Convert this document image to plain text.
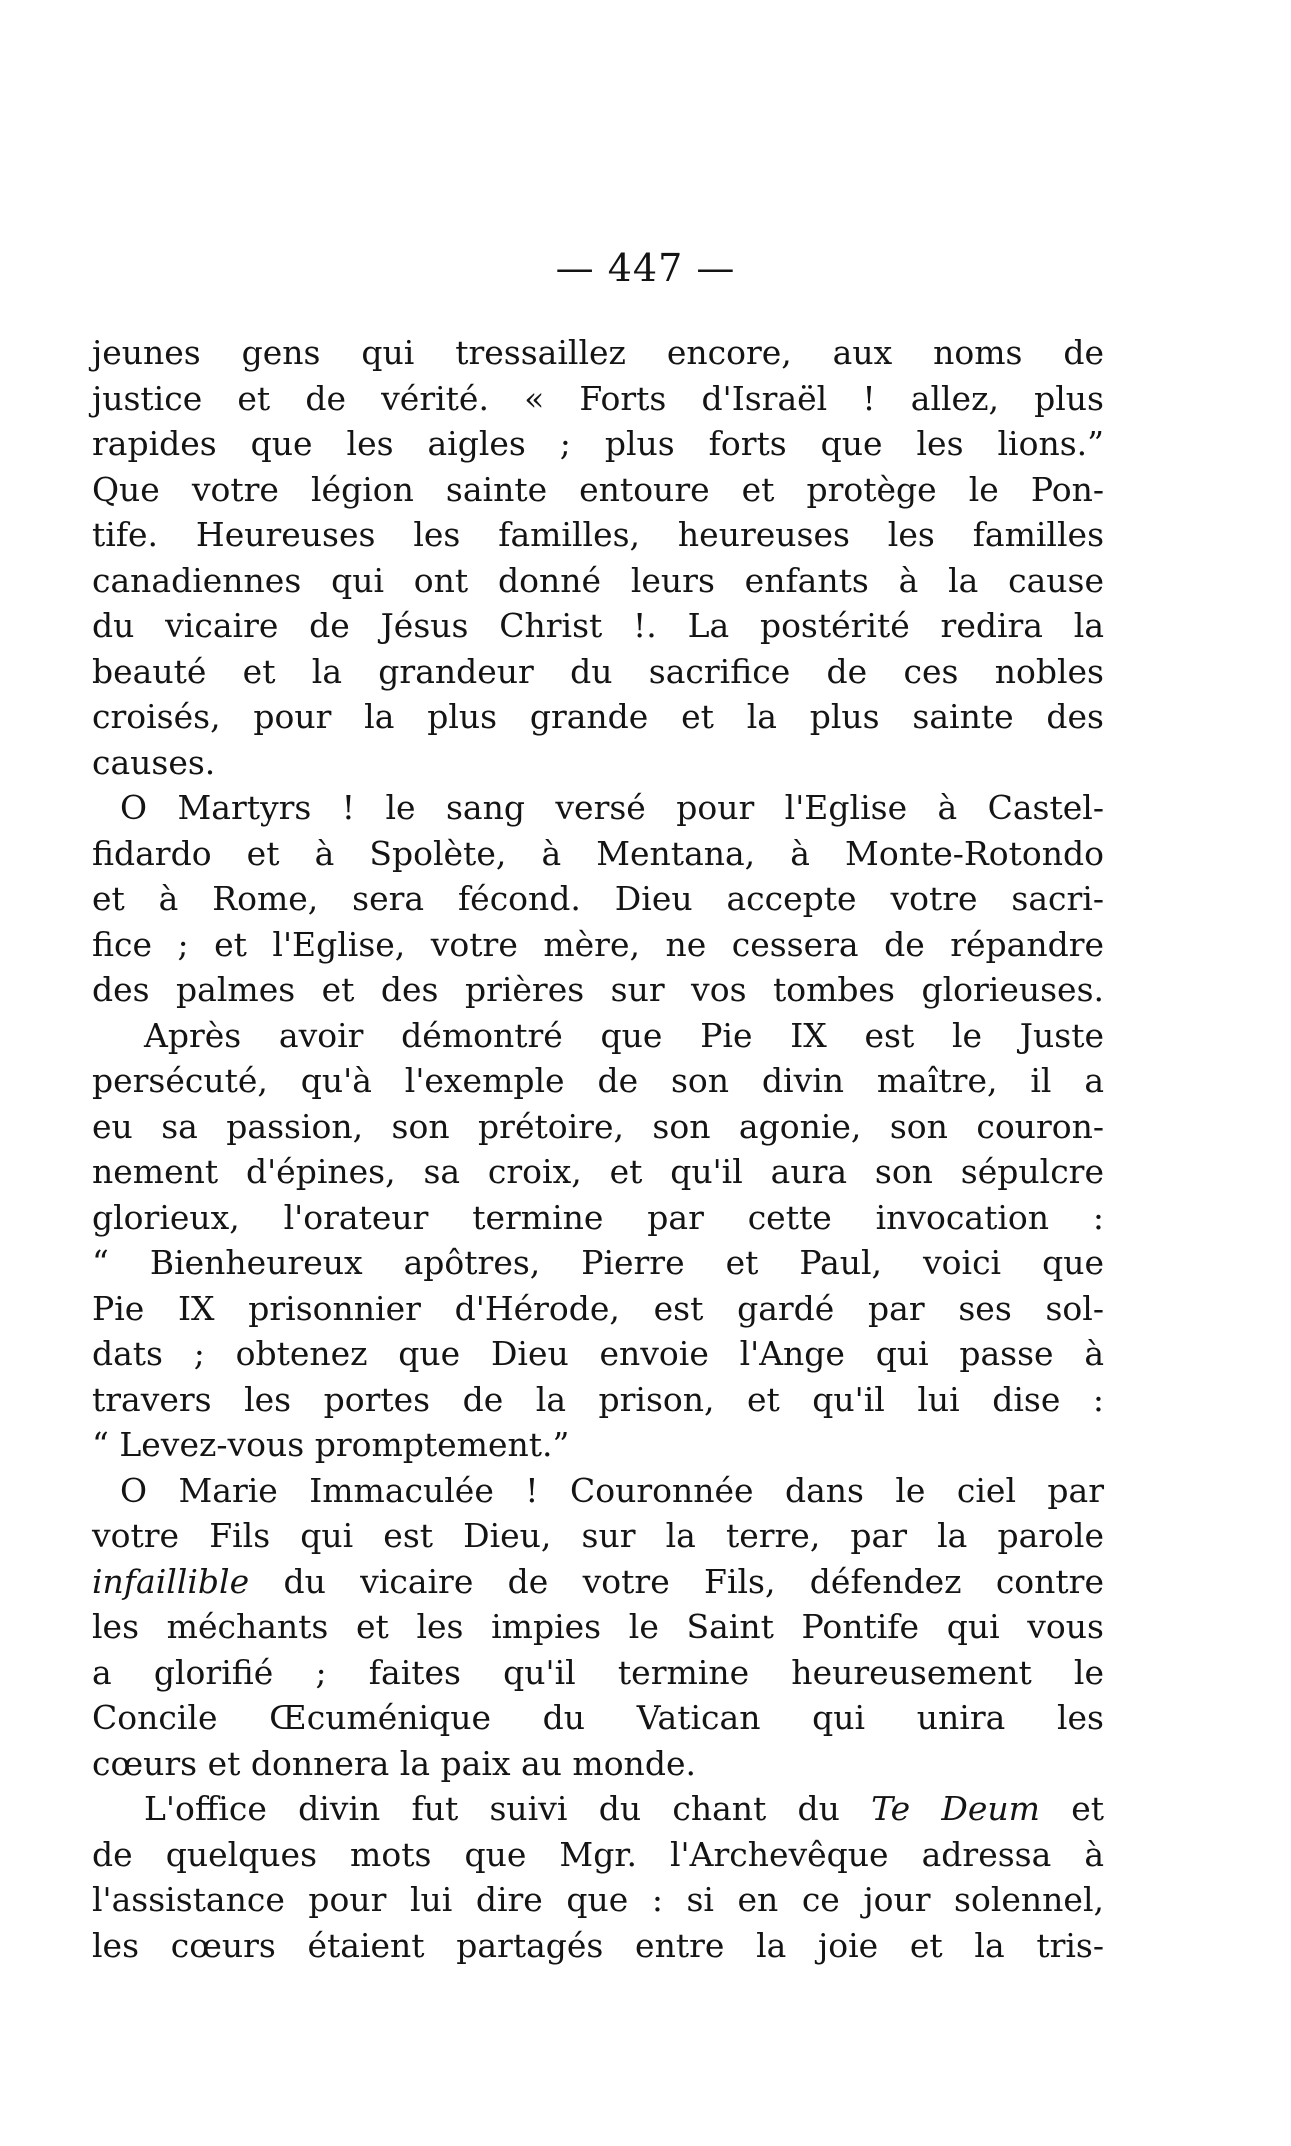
— 447 —
jeunes gens qui tressaillez encore, aux noms de
justice et de vérité. « Forts d'Israël ! allez, plus
rapides que les aigles ; plus forts que les lions.”
Que votre légion sainte entoure et protège le Pon-
tife. Heureuses les familles, heureuses les familles
canadiennes qui ont donné leurs enfants à la cause
du vicaire de Jésus Christ !. La postérité redira la
beauté et la grandeur du sacrifice de ces nobles
croisés, pour la plus grande et la plus sainte des
causes.
O Martyrs ! le sang versé pour l'Eglise à Castel-
fidardo et à Spolète, à Mentana, à Monte-Rotondo
et à Rome, sera fécond. Dieu accepte votre sacri-
fice ; et l'Eglise, votre mère, ne cessera de répandre
des palmes et des prières sur vos tombes glorieuses.
Après avoir démontré que Pie IX est le Juste
persécuté, qu'à l'exemple de son divin maître, il a
eu sa passion, son prétoire, son agonie, son couron-
nement d'épines, sa croix, et qu'il aura son sépulcre
glorieux, l'orateur termine par cette invocation :
“ Bienheureux apôtres, Pierre et Paul, voici que
Pie IX prisonnier d'Hérode, est gardé par ses sol-
dats ; obtenez que Dieu envoie l'Ange qui passe à
travers les portes de la prison, et qu'il lui dise :
“ Levez-vous promptement.”
O Marie Immaculée ! Couronnée dans le ciel par
votre Fils qui est Dieu, sur la terre, par la parole
infaillible du vicaire de votre Fils, défendez contre
les méchants et les impies le Saint Pontife qui vous
a glorifié ; faites qu'il termine heureusement le
Concile Œcuménique du Vatican qui unira les
cœurs et donnera la paix au monde.
L'office divin fut suivi du chant du Te Deum et
de quelques mots que Mgr. l'Archevêque adressa à
l'assistance pour lui dire que : si en ce jour solennel,
les cœurs étaient partagés entre la joie et la tris-
